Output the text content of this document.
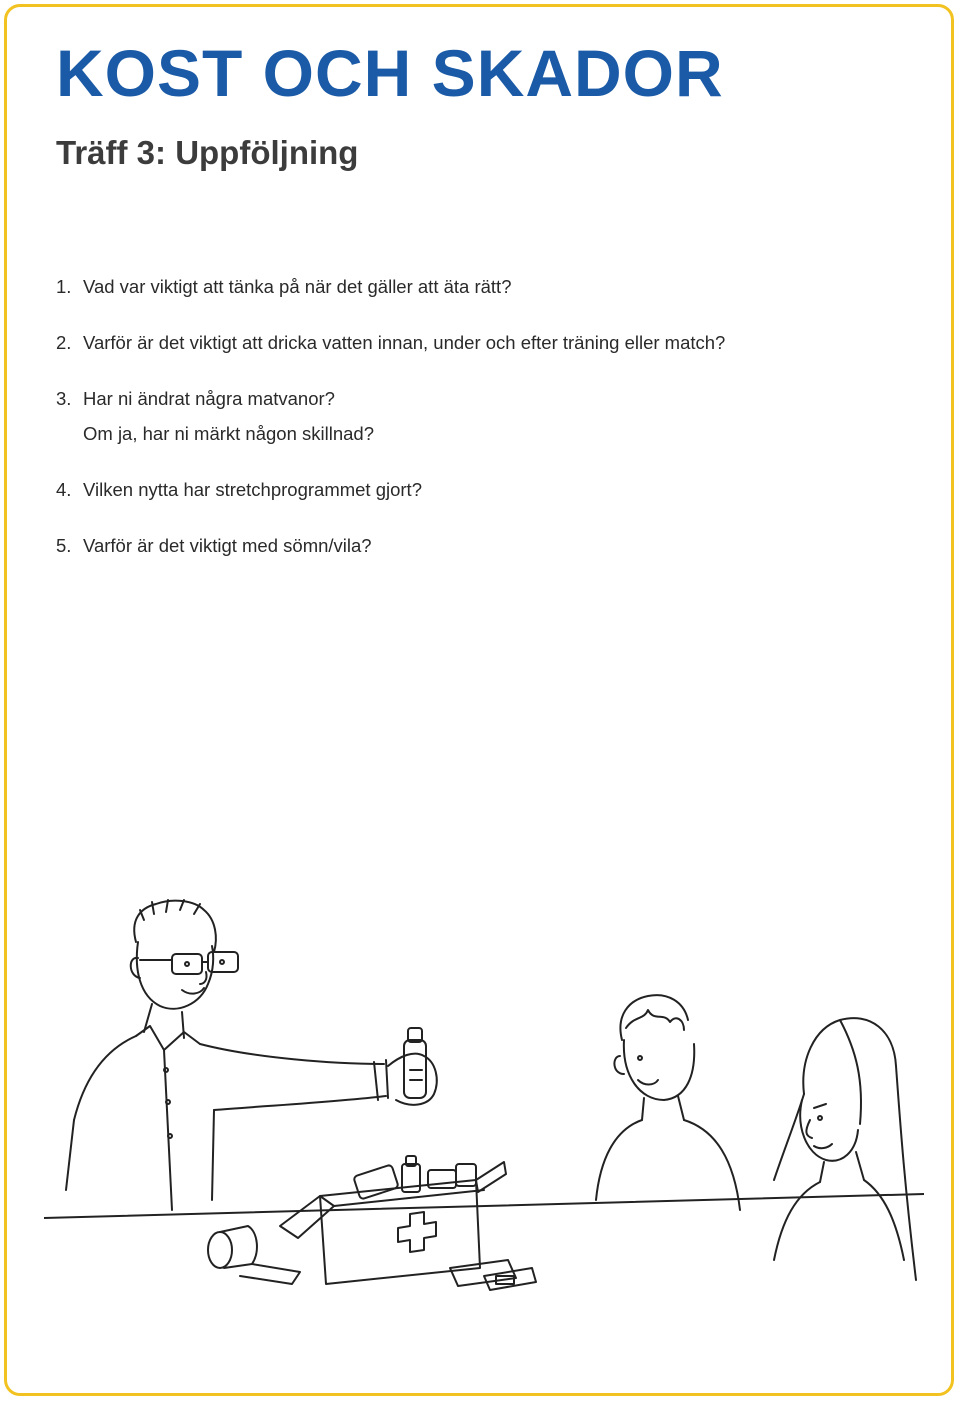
KOST OCH SKADOR
Träff 3: Uppföljning
1. Vad var viktigt att tänka på när det gäller att äta rätt?
2. Varför är det viktigt att dricka vatten innan, under och efter träning eller match?
3. Har ni ändrat några matvanor?
Om ja, har ni märkt någon skillnad?
4. Vilken nytta har stretchprogrammet gjort?
5. Varför är det viktigt med sömn/vila?
